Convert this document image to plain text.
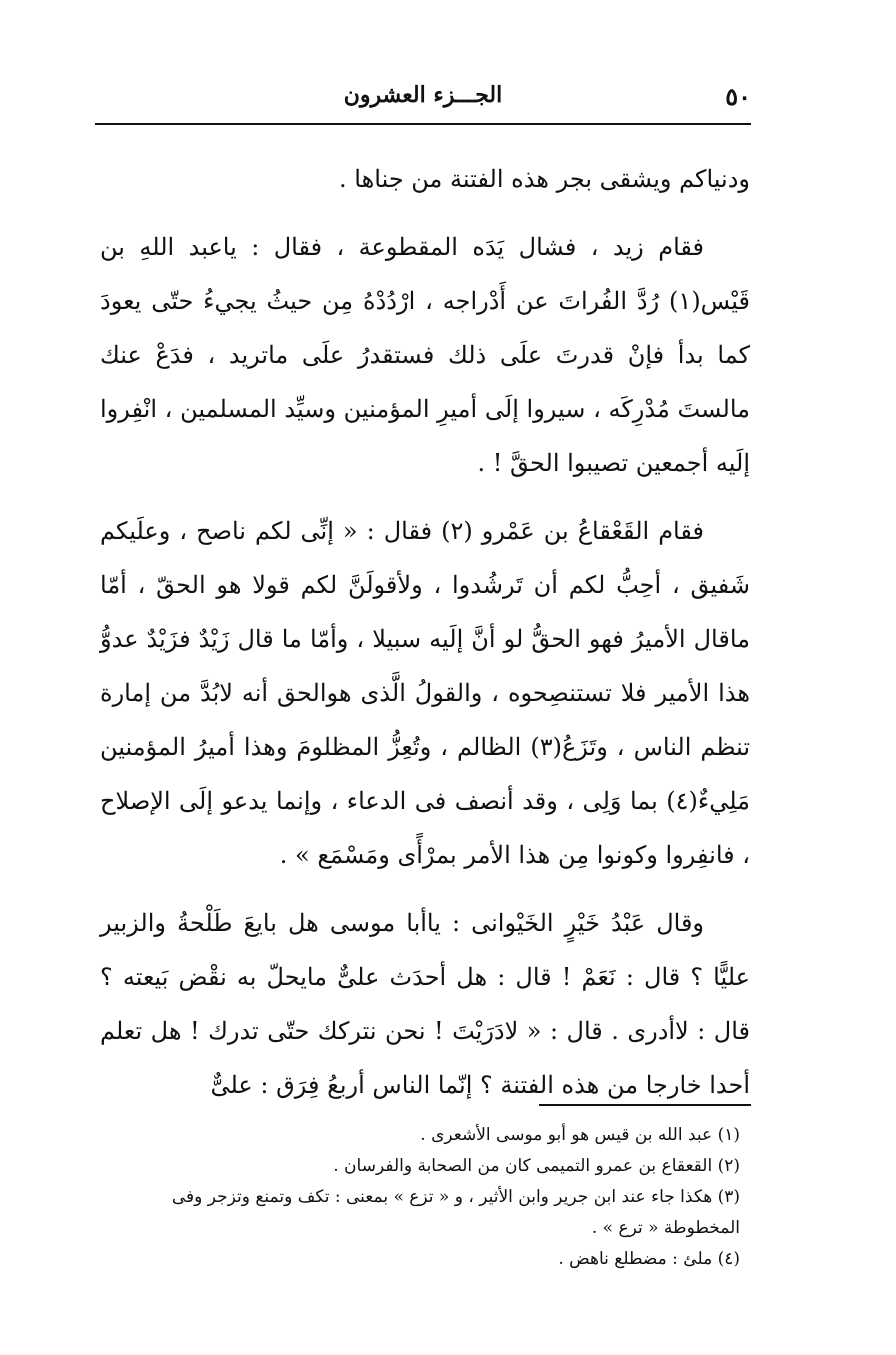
٥٠
الجـــزء العشرون

ودنياكم ويشقى بجر هذه الفتنة من جناها .

فقام زيد ، فشال يَدَه المقطوعة ، فقال : ياعبد اللهِ بن قَيْس(١) رُدَّ الفُراتَ عن أَدْراجه ، ارْدُدْهُ مِن حيثُ يجيءُ حتّى يعودَ كما بدأ فإنْ قدرتَ علَى ذلك فستقدرُ علَى ماتريد ، فدَعْ عنك مالستَ مُدْرِكَه ، سيروا إلَى أميرِ المؤمنين وسيِّد المسلمين ، انْفِروا إلَيه أجمعين تصيبوا الحقَّ ! .

فقام القَعْقاعُ بن عَمْرو (٢) فقال : « إنِّى لكم ناصح ، وعلَيكم شَفيق ، أحِبُّ لكم أن تَرشُدوا ، ولأقولَنَّ لكم قولا هو الحقّ ، أمّا ماقال الأميرُ فهو الحقُّ لو أنَّ إلَيه سبيلا ، وأمّا ما قال زَيْدٌ فزَيْدٌ عدوُّ هذا الأمير فلا تستنصِحوه ، والقولُ الَّذى هوالحق أنه لابُدَّ من إمارة تنظم الناس ، وتَزَعُ(٣) الظالم ، وتُعِزُّ المظلومَ وهذا أميرُ المؤمنين مَلِيءٌ(٤) بما وَلِى ، وقد أنصف فى الدعاء ، وإنما يدعو إلَى الإصلاح ، فانفِروا وكونوا مِن هذا الأمر بمرْأًى ومَسْمَع » .

وقال عَبْدُ خَيْرٍ الخَيْوانى : ياأبا موسى هل بايعَ طَلْحةُ والزبير عليًّا ؟ قال : نَعَمْ ! قال : هل أحدَث علىٌّ مايحلّ به نقْض بَيعته ؟ قال : لاأدرى . قال : « لادَرَيْتَ ! نحن نتركك حتّى تدرك ! هل تعلم أحدا خارجا من هذه الفتنة ؟ إنّما الناس أربعُ فِرَق : علىٌّ

(١) عبد الله بن قيس هو أبو موسى الأشعرى .

(٢) القعقاع بن عمرو التميمى كان من الصحابة والفرسان .

(٣) هكذا جاء عند ابن جرير وابن الأثير ، و « تزع » بمعنى : تكف وتمنع وتزجر وفى المخطوطة « ترع » .

(٤) ملئ : مضطلع ناهض .
